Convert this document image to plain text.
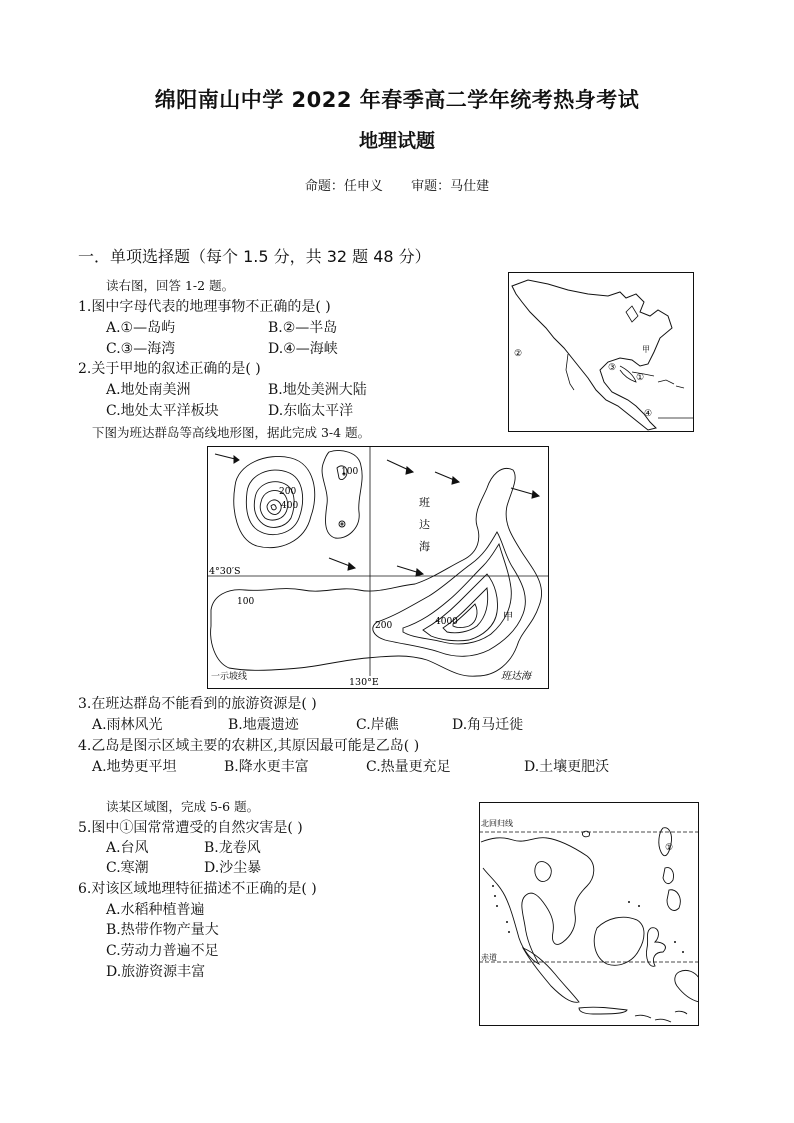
绵阳南山中学 2022 年春季高二学年统考热身考试
地理试题
命题：任申义 审题：马仕建
一．单项选择题（每个 1.5 分，共 32 题 48 分）
读右图，回答 1-2 题。
1.图中字母代表的地理事物不正确的是( )
A.①—岛屿	B.②—半岛
C.③—海湾	D.④—海峡
2.关于甲地的叙述正确的是( )
A.地处南美洲	B.地处美洲大陆
C.地处太平洋板块	D.东临太平洋
甲
②
③
①
④
下图为班达群岛等高线地形图，据此完成 3-4 题。
100
200
400
100
200	4000	甲
班
达
海
4°30′S
130°E
一示坡线	班达海
3.在班达群岛不能看到的旅游资源是( )
A.雨林风光	B.地震遗迹	C.岸礁	D.角马迁徙
4.乙岛是图示区域主要的农耕区,其原因最可能是乙岛( )
A.地势更平坦	B.降水更丰富	C.热量更充足	D.土壤更肥沃
读某区域图，完成 5-6 题。
5.图中①国常常遭受的自然灾害是( )
A.台风	B.龙卷风
C.寒潮	D.沙尘暴
6.对该区域地理特征描述不正确的是( )
A.水稻种植普遍
B.热带作物产量大
C.劳动力普遍不足
D.旅游资源丰富
北回归线
赤道
①
